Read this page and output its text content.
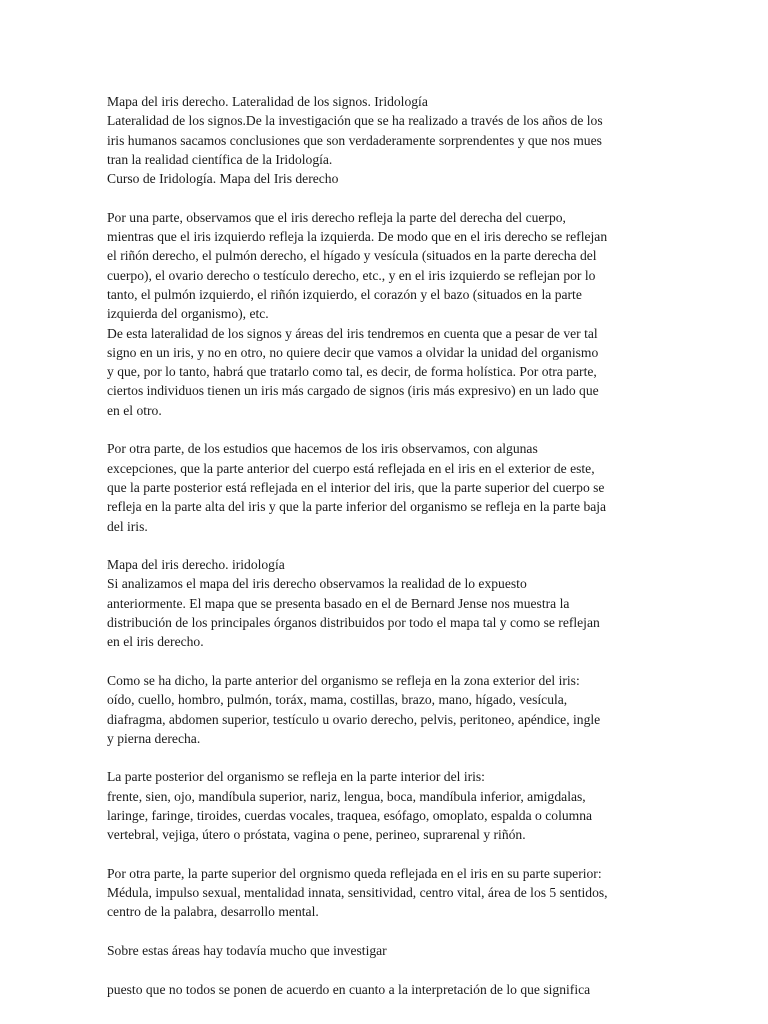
Mapa del iris derecho. Lateralidad de los signos. Iridología
Lateralidad de los signos.De la investigación que se ha realizado a través de los años de los
iris humanos sacamos conclusiones que son verdaderamente sorprendentes y que nos mues
tran la realidad científica de la Iridología.
Curso de Iridología. Mapa del Iris derecho
Por una parte, observamos que el iris derecho refleja la parte del derecha del cuerpo,
mientras que el iris izquierdo refleja la izquierda. De modo que en el iris derecho se reflejan
el riñón derecho, el pulmón derecho, el hígado y vesícula (situados en la parte derecha del
cuerpo), el ovario derecho o testículo derecho, etc., y en el iris izquierdo se reflejan por lo
tanto, el pulmón izquierdo, el riñón izquierdo, el corazón y el bazo (situados en la parte
izquierda del organismo), etc.
De esta lateralidad de los signos y áreas del iris tendremos en cuenta que a pesar de ver tal
signo en un iris, y no en otro, no quiere decir que vamos a olvidar la unidad del organismo
y que, por lo tanto, habrá que tratarlo como tal, es decir, de forma holística. Por otra parte,
ciertos individuos tienen un iris más cargado de signos (iris más expresivo) en un lado que
en el otro.
Por otra parte, de los estudios que hacemos de los iris observamos, con algunas
excepciones, que la parte anterior del cuerpo está reflejada en el iris en el exterior de este,
que la parte posterior está reflejada en el interior del iris, que la parte superior del cuerpo se
refleja en la parte alta del iris y que la parte inferior del organismo se refleja en la parte baja
del iris.
Mapa del iris derecho. iridología
Si analizamos el mapa del iris derecho observamos la realidad de lo expuesto
anteriormente. El mapa que se presenta basado en el de Bernard Jense nos muestra la
distribución de los principales órganos distribuidos por todo el mapa tal y como se reflejan
en el iris derecho.
Como se ha dicho, la parte anterior del organismo se refleja en la zona exterior del iris:
oído, cuello, hombro, pulmón, toráx, mama, costillas, brazo, mano, hígado, vesícula,
diafragma, abdomen superior, testículo u ovario derecho, pelvis, peritoneo, apéndice, ingle
y pierna derecha.
La parte posterior del organismo se refleja en la parte interior del iris:
frente, sien, ojo, mandíbula superior, nariz, lengua, boca, mandíbula inferior, amigdalas,
laringe, faringe, tiroides, cuerdas vocales, traquea, esófago, omoplato, espalda o columna
vertebral, vejiga, útero o próstata, vagina o pene, perineo, suprarenal y riñón.
Por otra parte, la parte superior del orgnismo queda reflejada en el iris en su parte superior:
Médula, impulso sexual, mentalidad innata, sensitividad, centro vital, área de los 5 sentidos,
centro de la palabra, desarrollo mental.
Sobre estas áreas hay todavía mucho que investigar
puesto que no todos se ponen de acuerdo en cuanto a la interpretación de lo que significa
